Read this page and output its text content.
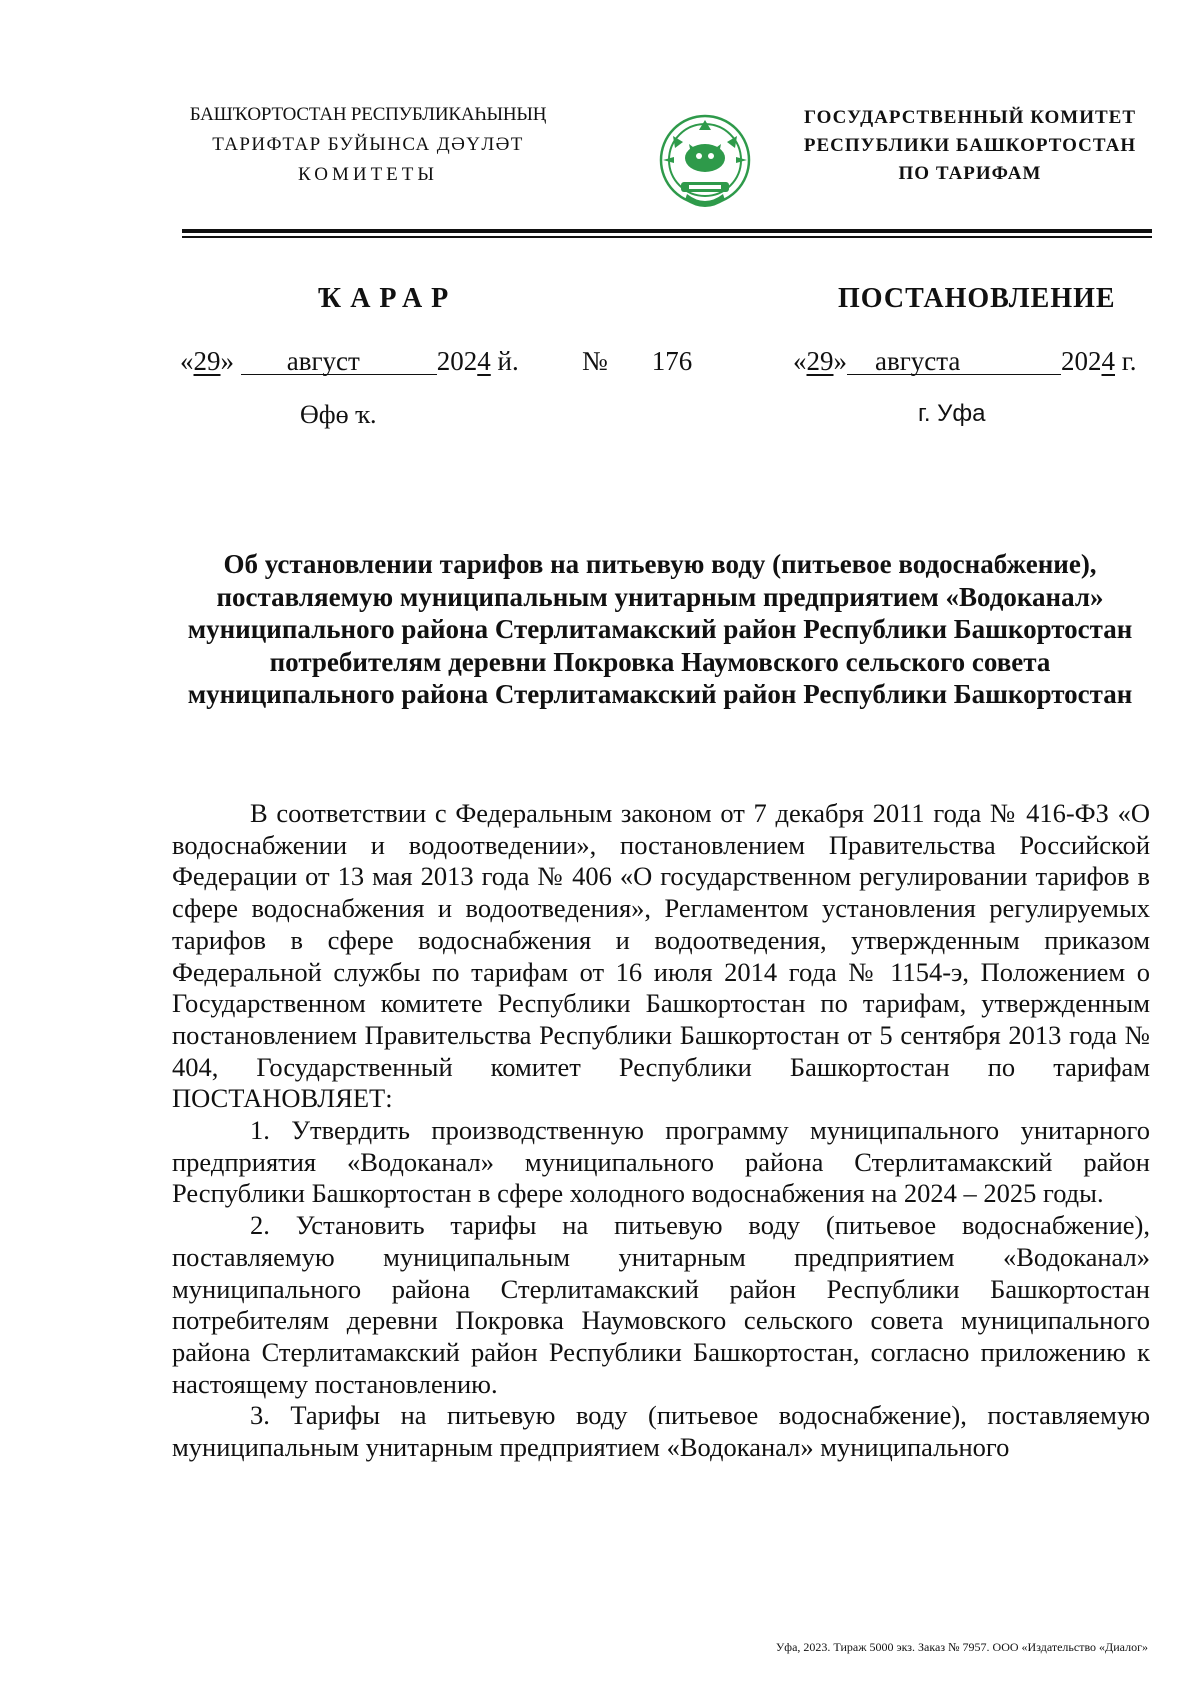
БАШҠОРТОСТАН РЕСПУБЛИКАҺЫНЫҢ
ТАРИФТАР БУЙЫНСА ДӘҮЛӘТ
КОМИТЕТЫ
ГОСУДАРСТВЕННЫЙ КОМИТЕТ
РЕСПУБЛИКИ БАШКОРТОСТАН
ПО ТАРИФАМ
ҠАРАР	ПОСТАНОВЛЕНИЕ
«29» август	2024 й. № 176	«29» августа	2024 г.
Өфө ҡ.	г. Уфа
Об установлении тарифов на питьевую воду (питьевое водоснабжение), поставляемую муниципальным унитарным предприятием «Водоканал» муниципального района Стерлитамакский район Республики Башкортостан потребителям деревни Покровка Наумовского сельского совета муниципального района Стерлитамакский район Республики Башкортостан

В соответствии с Федеральным законом от 7 декабря 2011 года № 416-ФЗ «О водоснабжении и водоотведении», постановлением Правительства Российской Федерации от 13 мая 2013 года № 406 «О государственном регулировании тарифов в сфере водоснабжения и водоотведения», Регламентом установления регулируемых тарифов в сфере водоснабжения и водоотведения, утвержденным приказом Федеральной службы по тарифам от 16 июля 2014 года № 1154-э, Положением о Государственном комитете Республики Башкортостан по тарифам, утвержденным постановлением Правительства Республики Башкортостан от 5 сентября 2013 года № 404, Государственный комитет Республики Башкортостан по тарифам ПОСТАНОВЛЯЕТ:

1. Утвердить производственную программу муниципального унитарного предприятия «Водоканал» муниципального района Стерлитамакский район Республики Башкортостан в сфере холодного водоснабжения на 2024 – 2025 годы.

2. Установить тарифы на питьевую воду (питьевое водоснабжение), поставляемую муниципальным унитарным предприятием «Водоканал» муниципального района Стерлитамакский район Республики Башкортостан потребителям деревни Покровка Наумовского сельского совета муниципального района Стерлитамакский район Республики Башкортостан, согласно приложению к настоящему постановлению.

3. Тарифы на питьевую воду (питьевое водоснабжение), поставляемую муниципальным унитарным предприятием «Водоканал» муниципального

Уфа, 2023. Тираж 5000 экз. Заказ № 7957. ООО «Издательство «Диалог»
